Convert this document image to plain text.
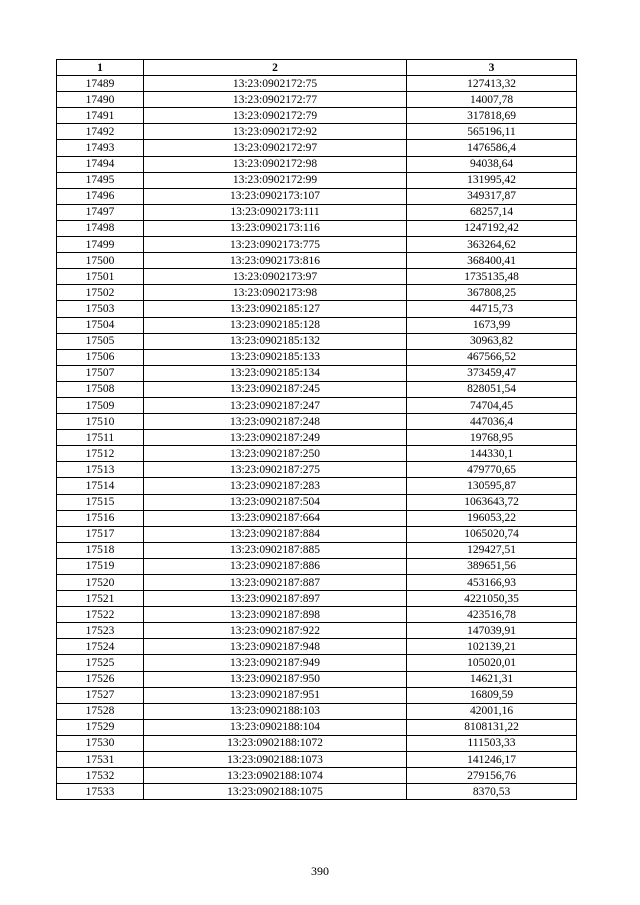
1	2	3
17489	13:23:0902172:75	127413,32
17490	13:23:0902172:77	14007,78
17491	13:23:0902172:79	317818,69
17492	13:23:0902172:92	565196,11
17493	13:23:0902172:97	1476586,4
17494	13:23:0902172:98	94038,64
17495	13:23:0902172:99	131995,42
17496	13:23:0902173:107	349317,87
17497	13:23:0902173:111	68257,14
17498	13:23:0902173:116	1247192,42
17499	13:23:0902173:775	363264,62
17500	13:23:0902173:816	368400,41
17501	13:23:0902173:97	1735135,48
17502	13:23:0902173:98	367808,25
17503	13:23:0902185:127	44715,73
17504	13:23:0902185:128	1673,99
17505	13:23:0902185:132	30963,82
17506	13:23:0902185:133	467566,52
17507	13:23:0902185:134	373459,47
17508	13:23:0902187:245	828051,54
17509	13:23:0902187:247	74704,45
17510	13:23:0902187:248	447036,4
17511	13:23:0902187:249	19768,95
17512	13:23:0902187:250	144330,1
17513	13:23:0902187:275	479770,65
17514	13:23:0902187:283	130595,87
17515	13:23:0902187:504	1063643,72
17516	13:23:0902187:664	196053,22
17517	13:23:0902187:884	1065020,74
17518	13:23:0902187:885	129427,51
17519	13:23:0902187:886	389651,56
17520	13:23:0902187:887	453166,93
17521	13:23:0902187:897	4221050,35
17522	13:23:0902187:898	423516,78
17523	13:23:0902187:922	147039,91
17524	13:23:0902187:948	102139,21
17525	13:23:0902187:949	105020,01
17526	13:23:0902187:950	14621,31
17527	13:23:0902187:951	16809,59
17528	13:23:0902188:103	42001,16
17529	13:23:0902188:104	8108131,22
17530	13:23:0902188:1072	111503,33
17531	13:23:0902188:1073	141246,17
17532	13:23:0902188:1074	279156,76
17533	13:23:0902188:1075	8370,53
390
